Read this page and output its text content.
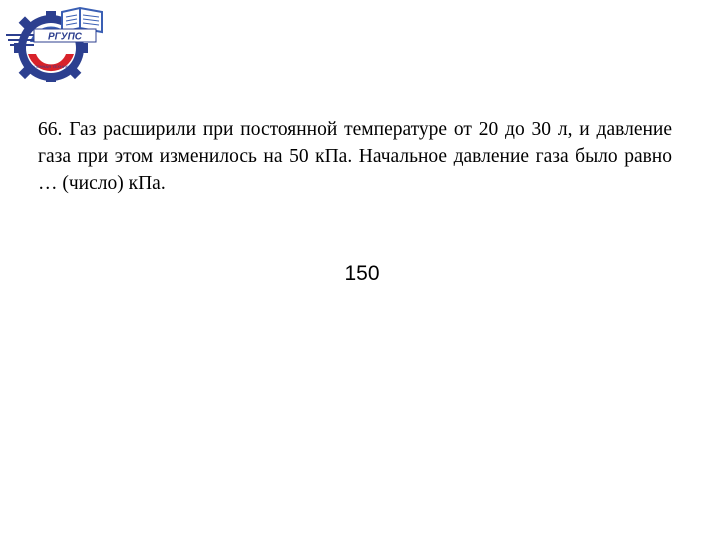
РГУПС
ВОЕННАЯ ТЕХНИКА

66. Газ расширили при постоянной температуре от 20 до 30 л, и давление газа при этом изменилось на 50 кПа. Начальное давление газа было равно … (число) кПа.

150
